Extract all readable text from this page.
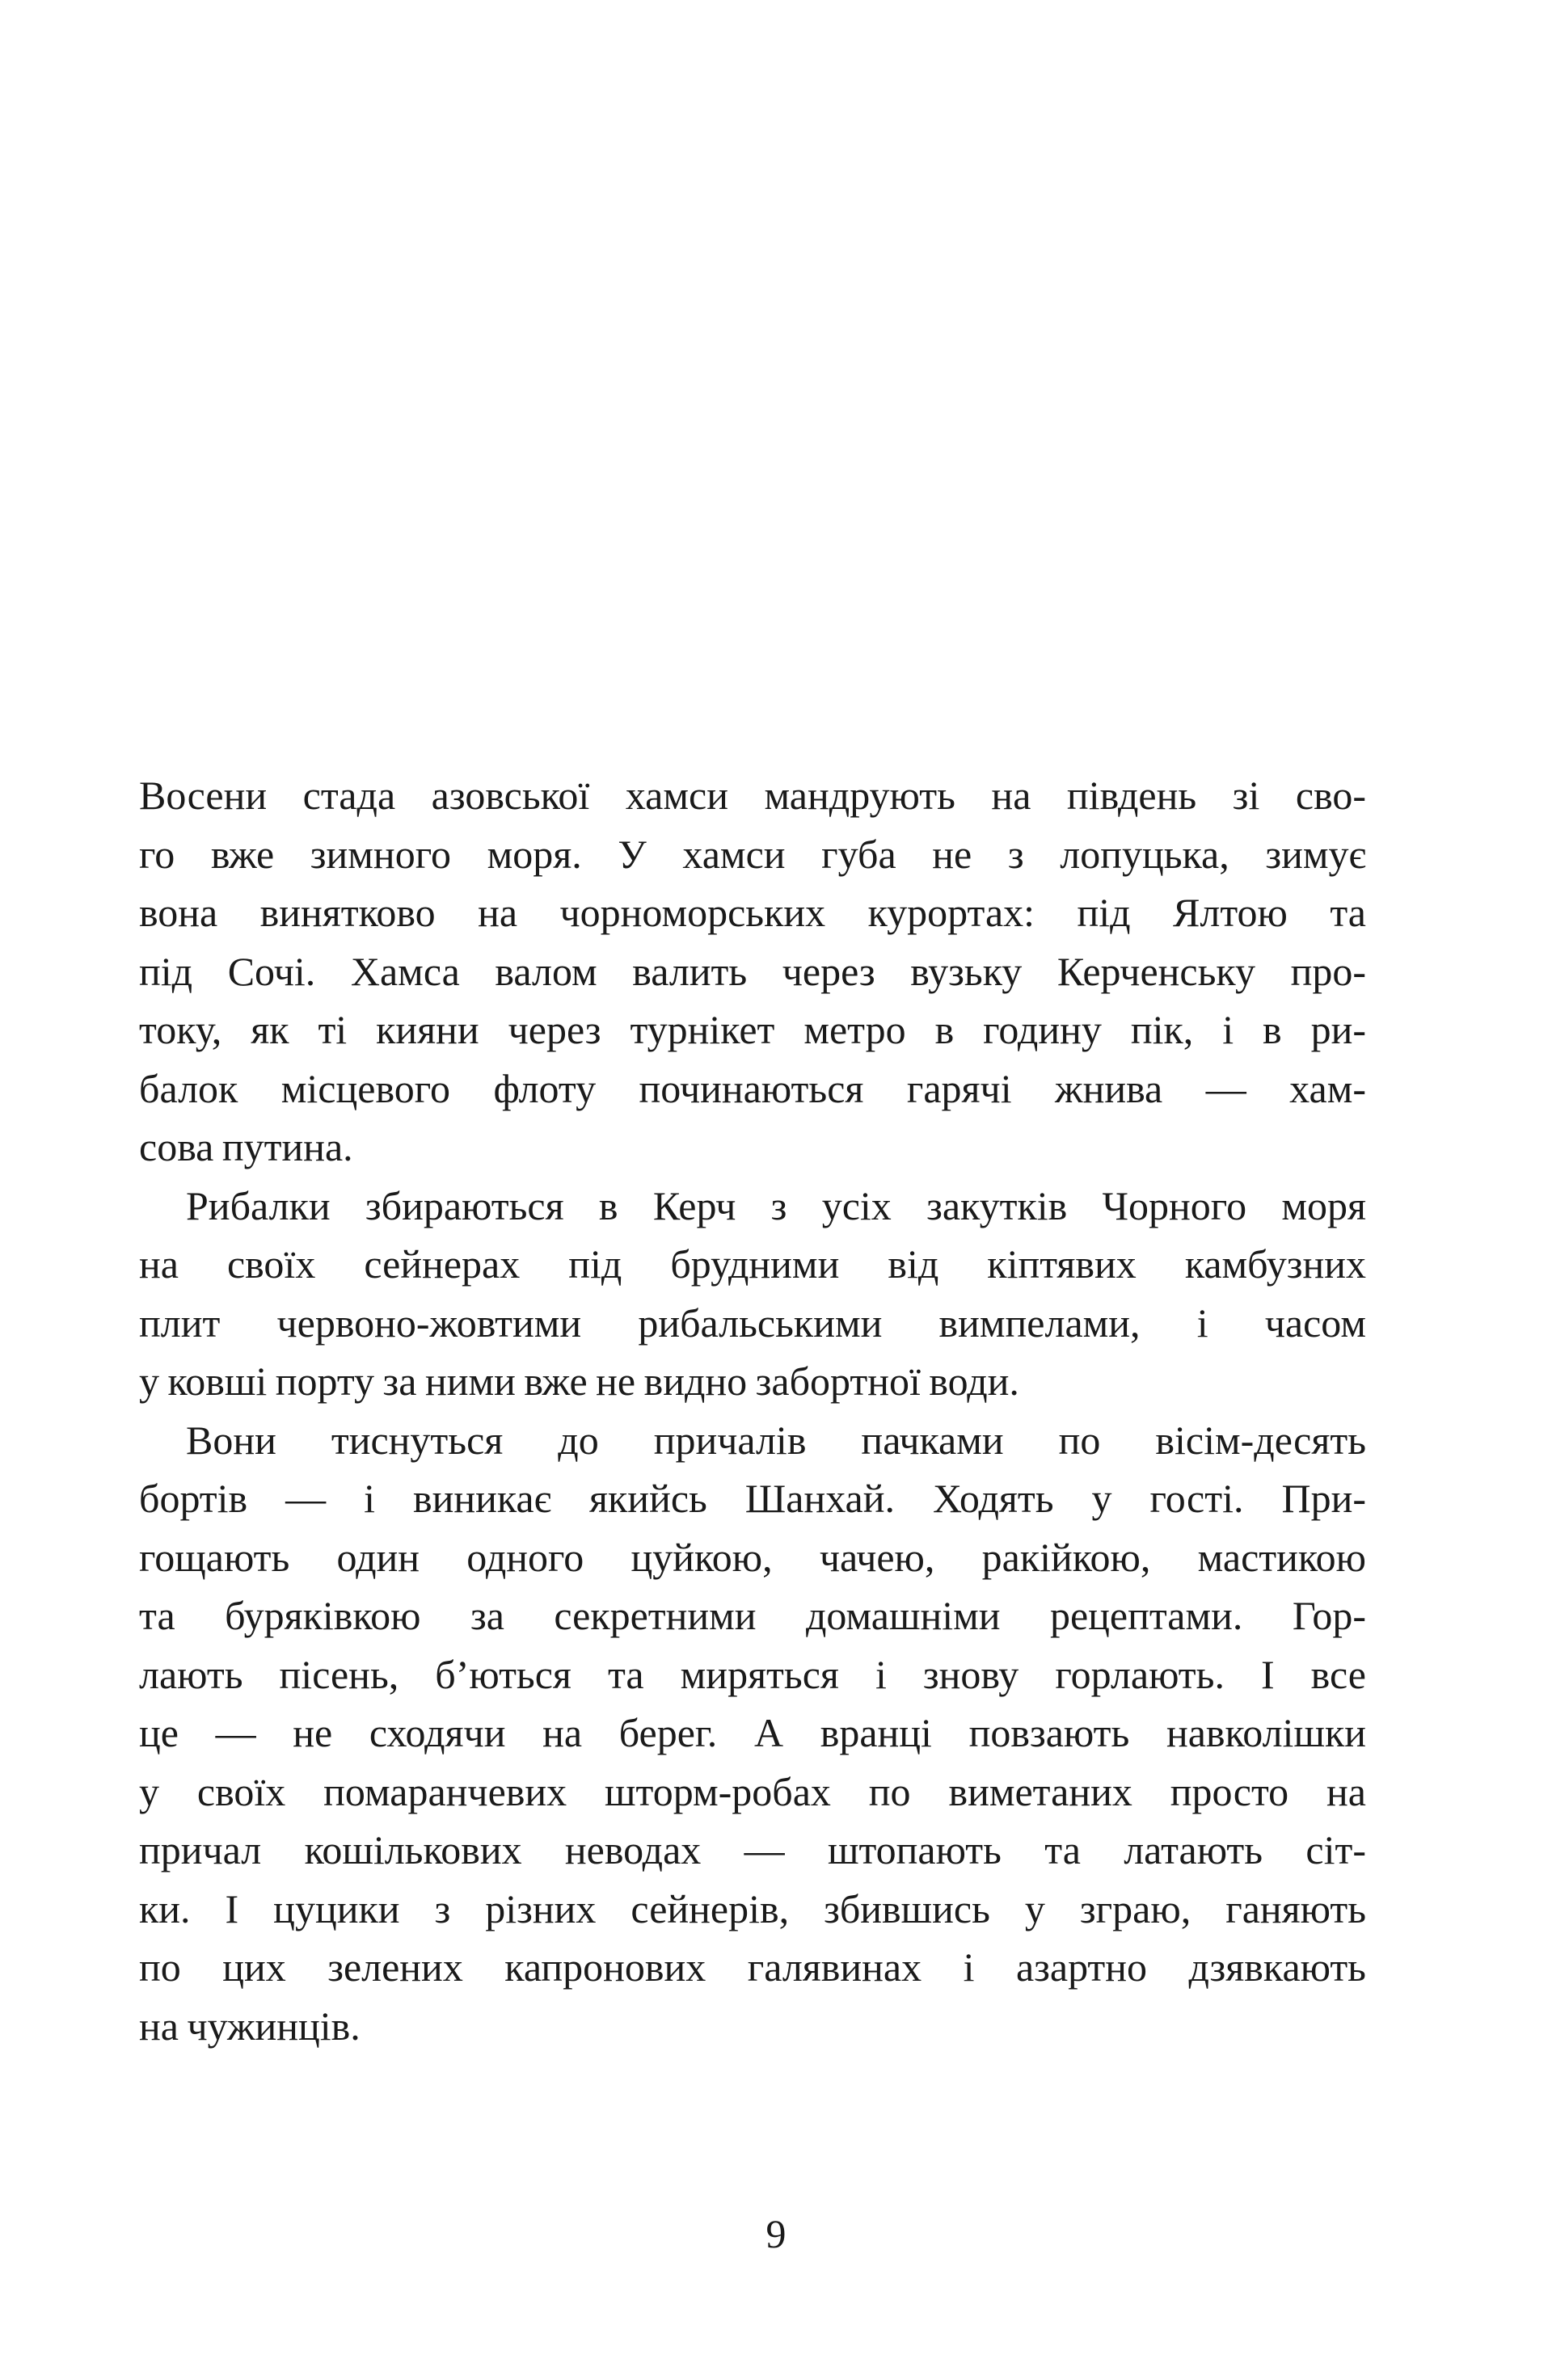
Восени стада азовської хамси мандрують на південь зі сво-
го вже зимного моря. У хамси губа не з лопуцька, зимує
вона винятково на чорноморських курортах: під Ялтою та
під Сочі. Хамса валом валить через вузьку Керченську про-
току, як ті кияни через турнікет метро в годину пік, і в ри-
балок місцевого флоту починаються гарячі жнива — хам-
сова путина.
Рибалки збираються в Керч з усіх закутків Чорного моря
на своїх сейнерах під брудними від кіптявих камбузних
плит червоно-жовтими рибальськими вимпелами, і часом
у ковші порту за ними вже не видно забортної води.
Вони тиснуться до причалів пачками по вісім-десять
бортів — і виникає якийсь Шанхай. Ходять у гості. При-
гощають один одного цуйкою, чачею, ракійкою, мастикою
та буряківкою за секретними домашніми рецептами. Гор-
лають пісень, б’ються та миряться і знову горлають. І все
це — не сходячи на берег. А вранці повзають навколішки
у своїх помаранчевих шторм-робах по виметаних просто на
причал кошількових неводах — штопають та латають сіт-
ки. І цуцики з різних сейнерів, збившись у зграю, ганяють
по цих зелених капронових галявинах і азартно дзявкають
на чужинців.
9
